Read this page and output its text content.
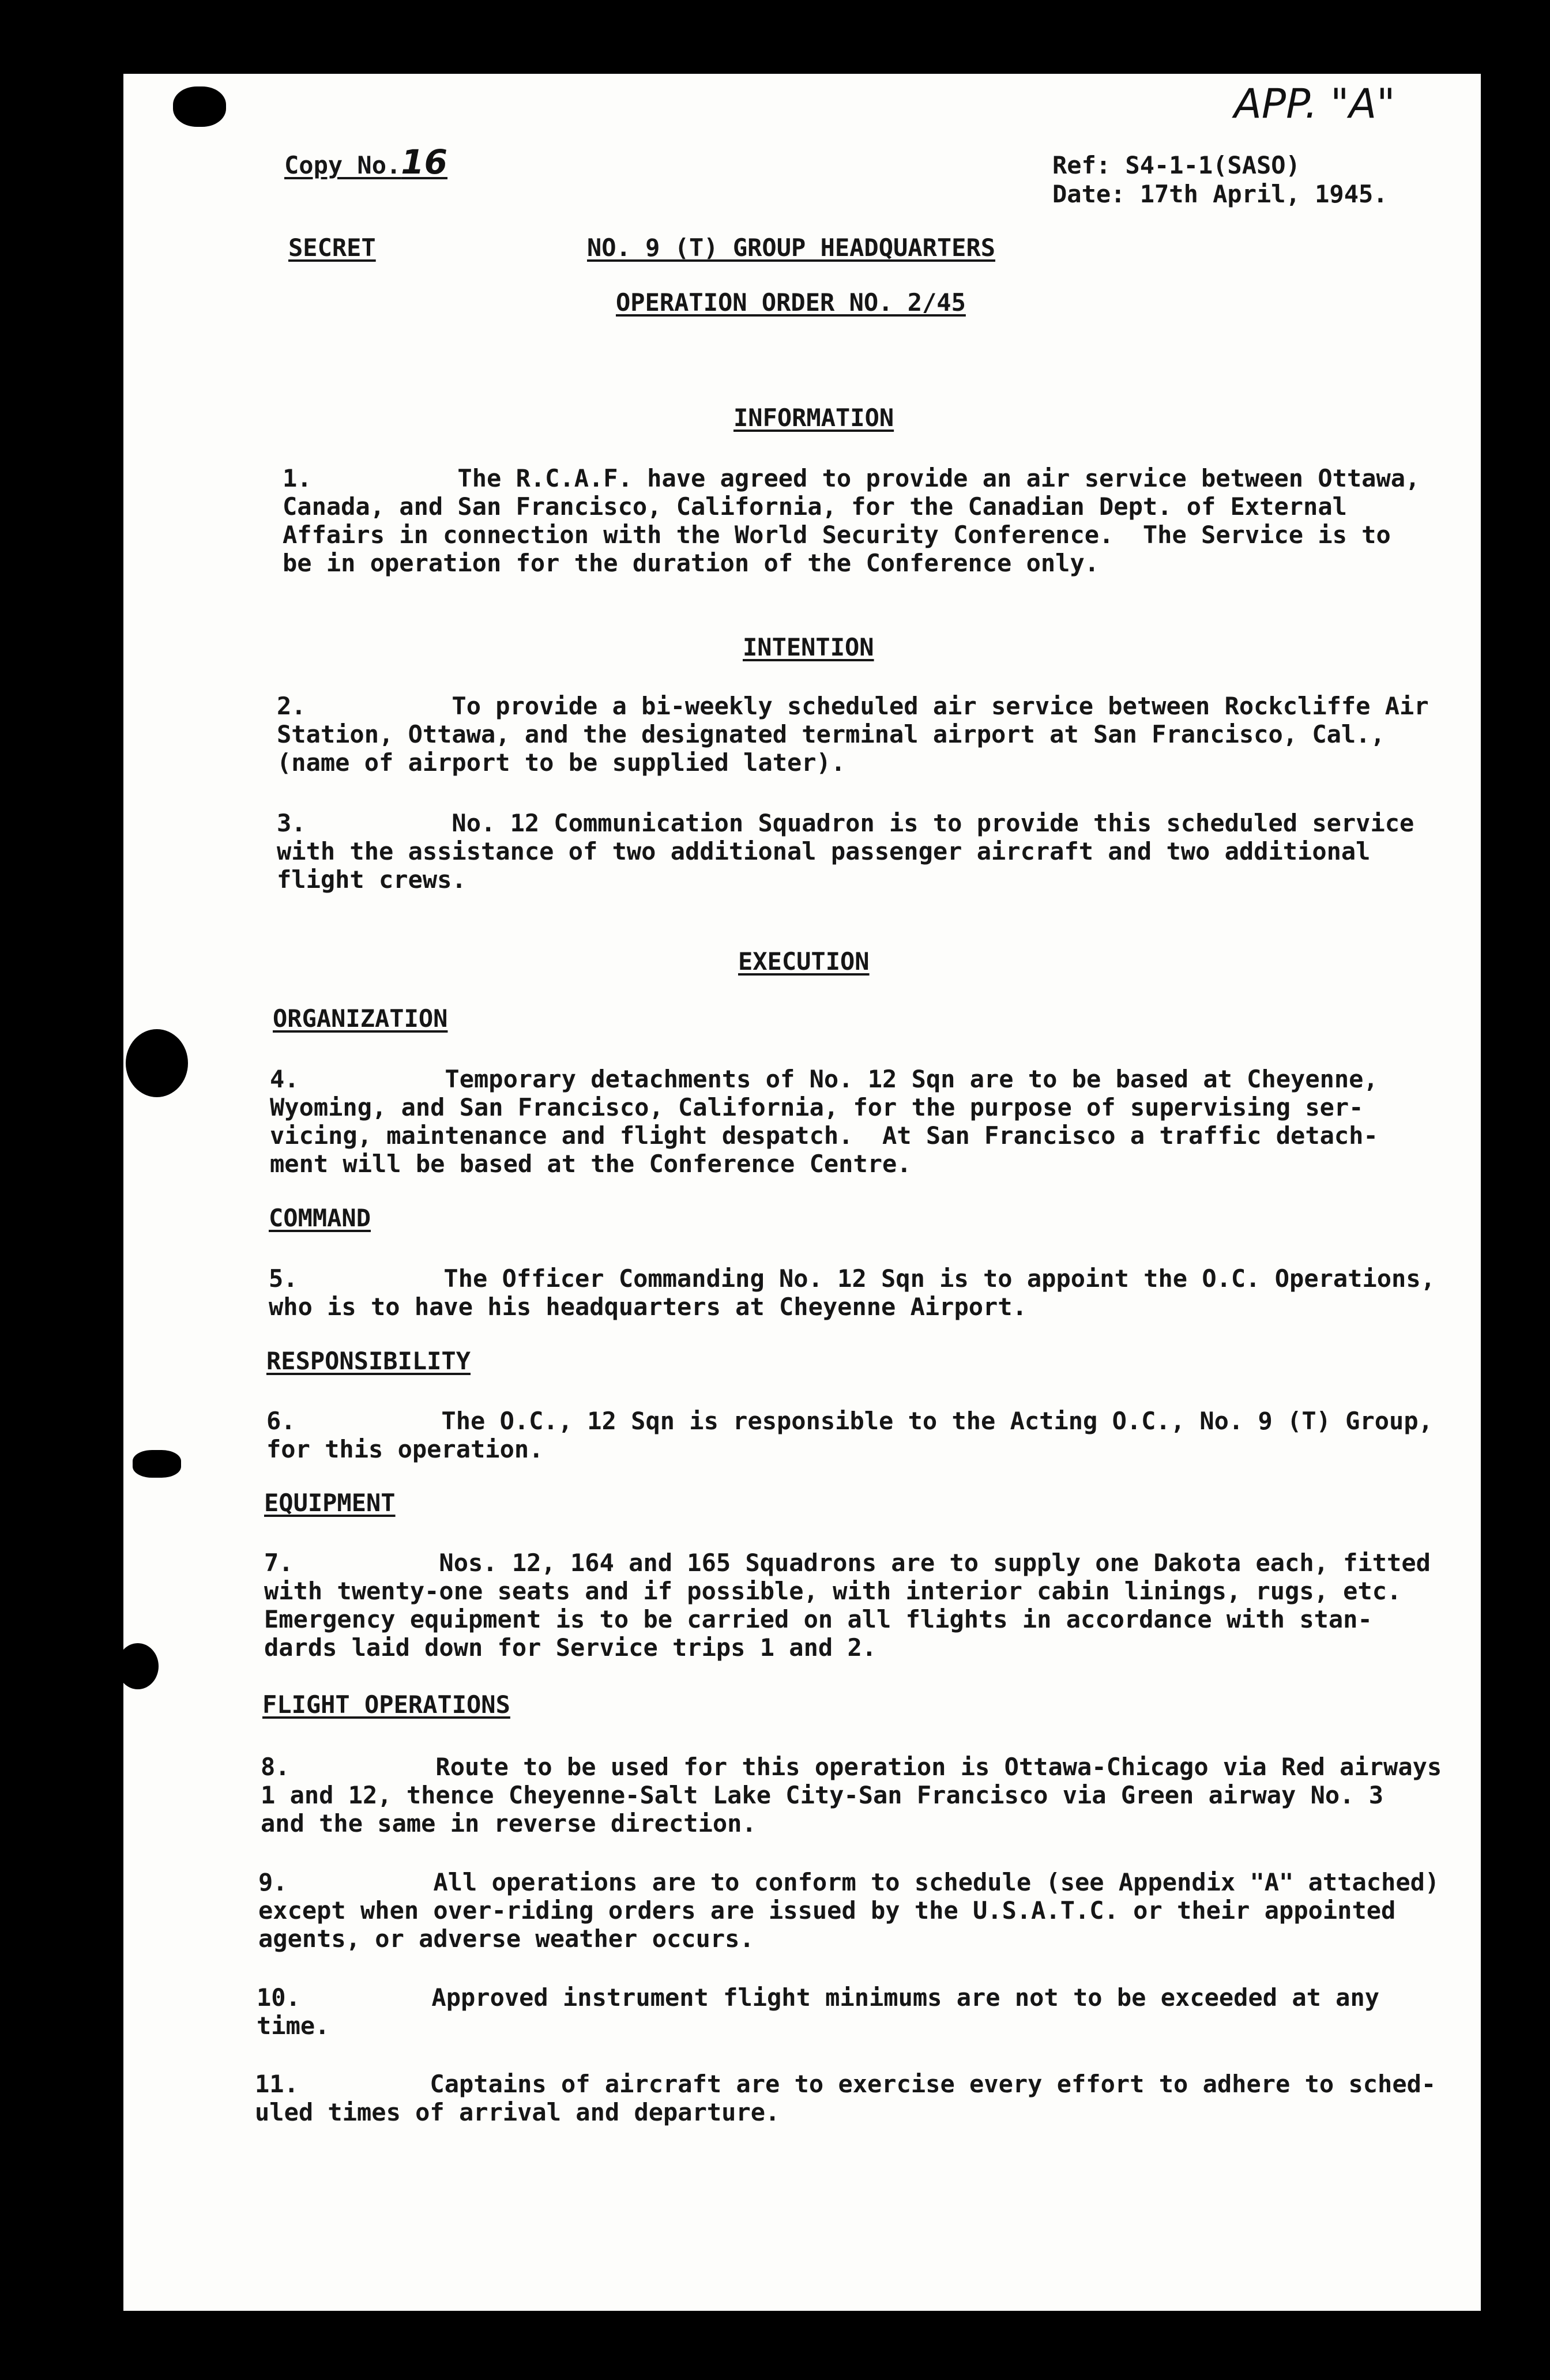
APP. "A"

Copy No.16	Ref: S4-1-1(SASO)

Date: 17th April, 1945.

SECRET	NO. 9 (T) GROUP HEADQUARTERS

OPERATION ORDER NO. 2/45

INFORMATION

1.          The R.C.A.F. have agreed to provide an air service between Ottawa,

Canada, and San Francisco, California, for the Canadian Dept. of External

Affairs in connection with the World Security Conference.  The Service is to

be in operation for the duration of the Conference only.

INTENTION

2.          To provide a bi-weekly scheduled air service between Rockcliffe Air

Station, Ottawa, and the designated terminal airport at San Francisco, Cal.,

(name of airport to be supplied later).

3.          No. 12 Communication Squadron is to provide this scheduled service

with the assistance of two additional passenger aircraft and two additional

flight crews.

EXECUTION

ORGANIZATION

4.          Temporary detachments of No. 12 Sqn are to be based at Cheyenne,

Wyoming, and San Francisco, California, for the purpose of supervising ser-

vicing, maintenance and flight despatch.  At San Francisco a traffic detach-

ment will be based at the Conference Centre.

COMMAND

5.          The Officer Commanding No. 12 Sqn is to appoint the O.C. Operations,

who is to have his headquarters at Cheyenne Airport.

RESPONSIBILITY

6.          The O.C., 12 Sqn is responsible to the Acting O.C., No. 9 (T) Group,

for this operation.

EQUIPMENT

7.          Nos. 12, 164 and 165 Squadrons are to supply one Dakota each, fitted

with twenty-one seats and if possible, with interior cabin linings, rugs, etc.

Emergency equipment is to be carried on all flights in accordance with stan-

dards laid down for Service trips 1 and 2.

FLIGHT OPERATIONS

8.          Route to be used for this operation is Ottawa-Chicago via Red airways

1 and 12, thence Cheyenne-Salt Lake City-San Francisco via Green airway No. 3

and the same in reverse direction.

9.          All operations are to conform to schedule (see Appendix "A" attached)

except when over-riding orders are issued by the U.S.A.T.C. or their appointed

agents, or adverse weather occurs.

10.         Approved instrument flight minimums are not to be exceeded at any

time.

11.         Captains of aircraft are to exercise every effort to adhere to sched-

uled times of arrival and departure.
